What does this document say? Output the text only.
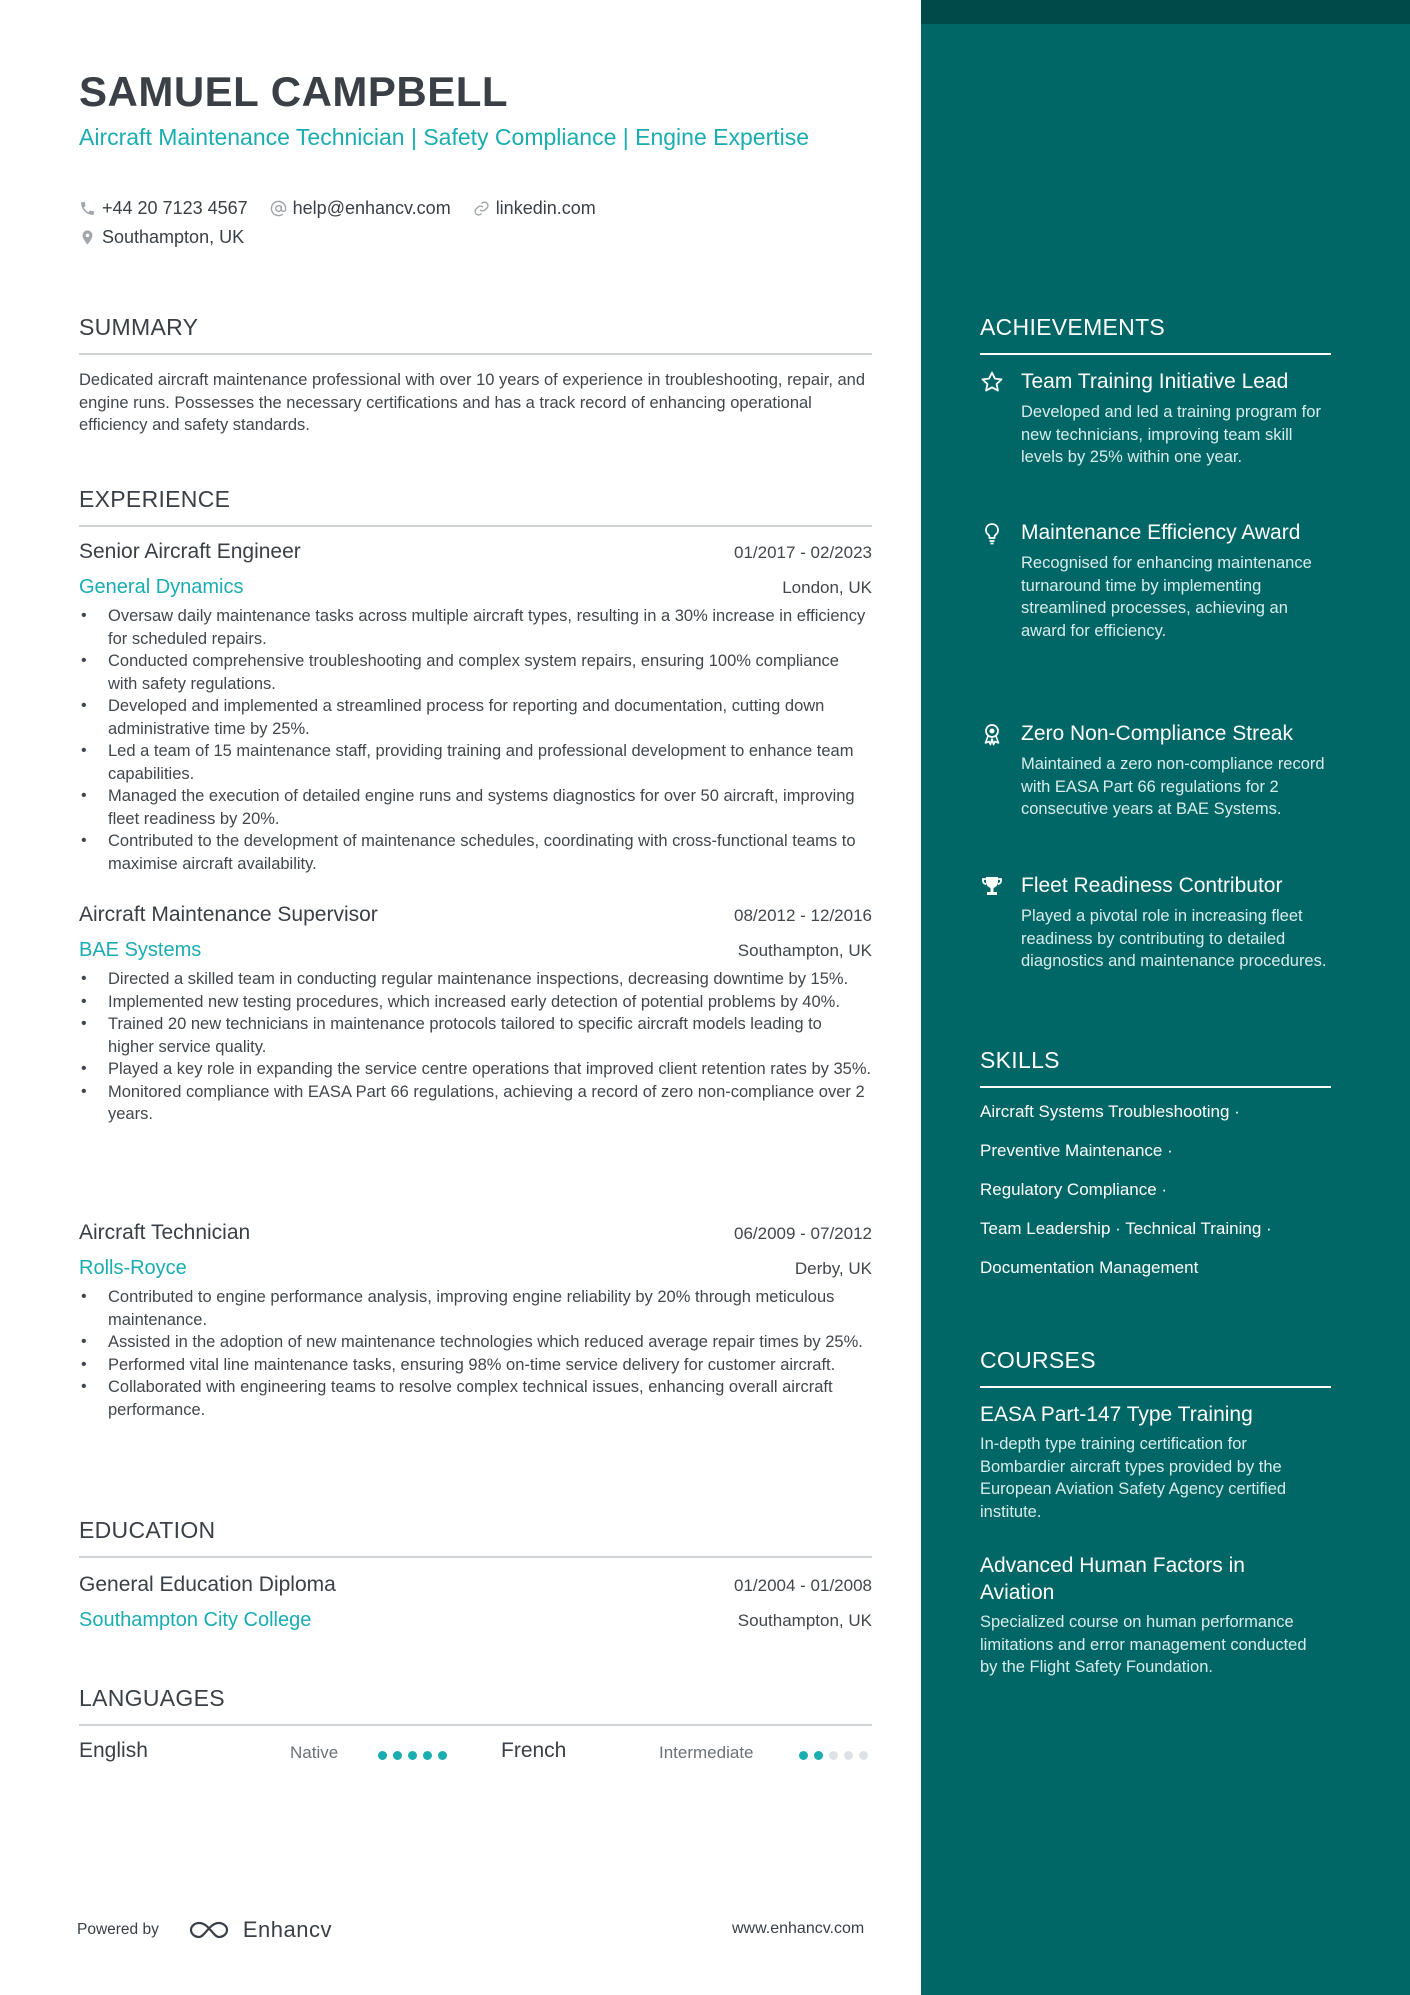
SAMUEL CAMPBELL
Aircraft Maintenance Technician | Safety Compliance | Engine Expertise
+44 20 7123 4567	help@enhancv.com	linkedin.com
Southampton, UK
SUMMARY
Dedicated aircraft maintenance professional with over 10 years of experience in troubleshooting, repair, and engine runs. Possesses the necessary certifications and has a track record of enhancing operational efficiency and safety standards.
EXPERIENCE
Senior Aircraft Engineer	01/2017 - 02/2023
General Dynamics	London, UK
• Oversaw daily maintenance tasks across multiple aircraft types, resulting in a 30% increase in efficiency for scheduled repairs.
• Conducted comprehensive troubleshooting and complex system repairs, ensuring 100% compliance with safety regulations.
• Developed and implemented a streamlined process for reporting and documentation, cutting down administrative time by 25%.
• Led a team of 15 maintenance staff, providing training and professional development to enhance team capabilities.
• Managed the execution of detailed engine runs and systems diagnostics for over 50 aircraft, improving fleet readiness by 20%.
• Contributed to the development of maintenance schedules, coordinating with cross-functional teams to maximise aircraft availability.
Aircraft Maintenance Supervisor	08/2012 - 12/2016
BAE Systems	Southampton, UK
• Directed a skilled team in conducting regular maintenance inspections, decreasing downtime by 15%.
• Implemented new testing procedures, which increased early detection of potential problems by 40%.
• Trained 20 new technicians in maintenance protocols tailored to specific aircraft models leading to higher service quality.
• Played a key role in expanding the service centre operations that improved client retention rates by 35%.
• Monitored compliance with EASA Part 66 regulations, achieving a record of zero non-compliance over 2 years.
Aircraft Technician	06/2009 - 07/2012
Rolls-Royce	Derby, UK
• Contributed to engine performance analysis, improving engine reliability by 20% through meticulous maintenance.
• Assisted in the adoption of new maintenance technologies which reduced average repair times by 25%.
• Performed vital line maintenance tasks, ensuring 98% on-time service delivery for customer aircraft.
• Collaborated with engineering teams to resolve complex technical issues, enhancing overall aircraft performance.
EDUCATION
General Education Diploma	01/2004 - 01/2008
Southampton City College	Southampton, UK
LANGUAGES
English	Native	French	Intermediate
Powered by	Enhancv	www.enhancv.com
ACHIEVEMENTS
Team Training Initiative Lead
Developed and led a training program for new technicians, improving team skill levels by 25% within one year.
Maintenance Efficiency Award
Recognised for enhancing maintenance turnaround time by implementing streamlined processes, achieving an award for efficiency.
Zero Non-Compliance Streak
Maintained a zero non-compliance record with EASA Part 66 regulations for 2 consecutive years at BAE Systems.
Fleet Readiness Contributor
Played a pivotal role in increasing fleet readiness by contributing to detailed diagnostics and maintenance procedures.
SKILLS
Aircraft Systems Troubleshooting ·
Preventive Maintenance ·
Regulatory Compliance ·
Team Leadership · Technical Training ·
Documentation Management
COURSES
EASA Part-147 Type Training
In-depth type training certification for Bombardier aircraft types provided by the European Aviation Safety Agency certified institute.
Advanced Human Factors in Aviation
Specialized course on human performance limitations and error management conducted by the Flight Safety Foundation.
